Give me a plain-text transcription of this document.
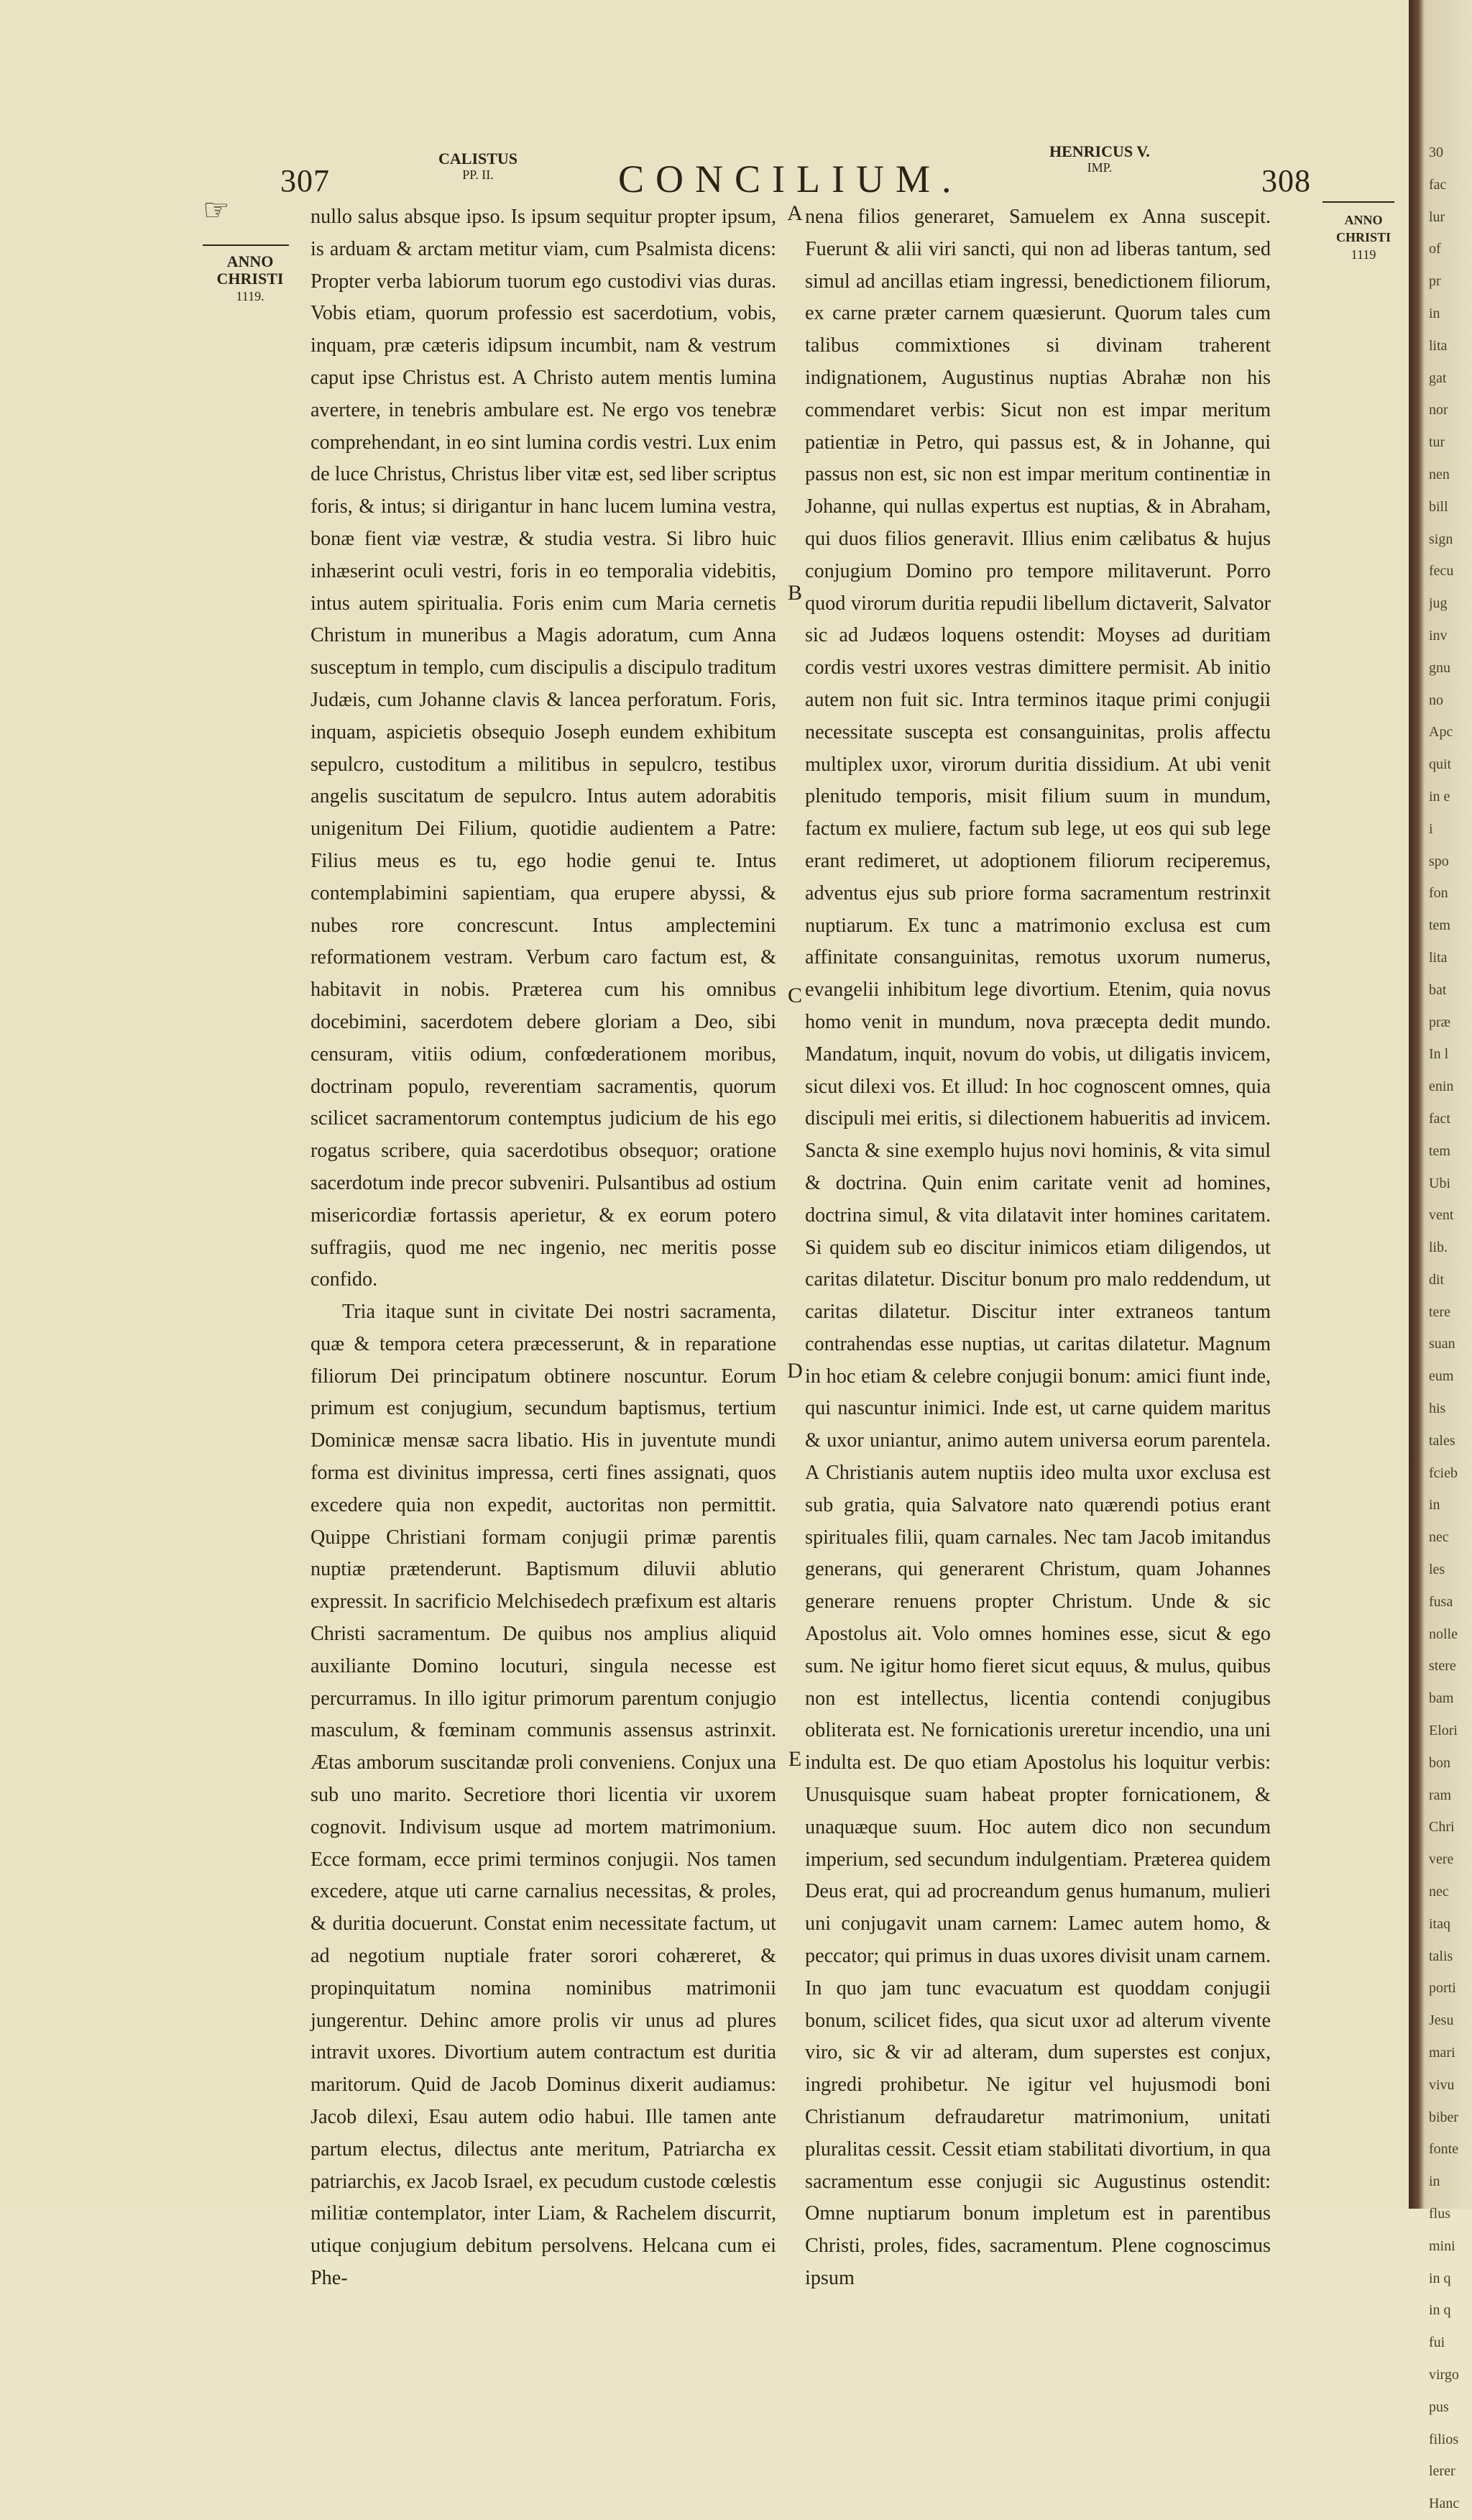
307
CALISTUS
PP. II.	CONCILIUM.
HENRICUS V.
IMP.	308
☞
ANNO CHRISTI
1119.
ANNO CHRISTI
1119
A
B
C
D
E

nullo salus absque ipso. Is ipsum sequitur propter ipsum, is arduam & arctam metitur viam, cum Psalmista dicens: Propter verba labiorum tuorum ego custodivi vias duras. Vobis etiam, quorum professio est sacerdotium, vobis, inquam, præ cæteris idipsum incumbit, nam & vestrum caput ipse Christus est. A Christo autem mentis lumina avertere, in tenebris ambulare est. Ne ergo vos tenebræ comprehendant, in eo sint lumina cordis vestri. Lux enim de luce Christus, Christus liber vitæ est, sed liber scriptus foris, & intus; si dirigantur in hanc lucem lumina vestra, bonæ fient viæ vestræ, & studia vestra. Si libro huic inhæserint oculi vestri, foris in eo temporalia videbitis, intus autem spiritualia. Foris enim cum Maria cernetis Christum in muneribus a Magis adoratum, cum Anna susceptum in templo, cum discipulis a discipulo traditum Judæis, cum Johanne clavis & lancea perforatum. Foris, inquam, aspicietis obsequio Joseph eundem exhibitum sepulcro, custoditum a militibus in sepulcro, testibus angelis suscitatum de sepulcro. Intus autem adorabitis unigenitum Dei Filium, quotidie audientem a Patre: Filius meus es tu, ego hodie genui te. Intus contemplabimini sapientiam, qua erupere abyssi, & nubes rore concrescunt. Intus amplectemini reformationem vestram. Verbum caro factum est, & habitavit in nobis. Præterea cum his omnibus docebimini, sacerdotem debere gloriam a Deo, sibi censuram, vitiis odium, confœderationem moribus, doctrinam populo, reverentiam sacramentis, quorum scilicet sacramentorum contemptus judicium de his ego rogatus scribere, quia sacerdotibus obsequor; oratione sacerdotum inde precor subveniri. Pulsantibus ad ostium misericordiæ fortassis aperietur, & ex eorum potero suffragiis, quod me nec ingenio, nec meritis posse confido.

Tria itaque sunt in civitate Dei nostri sacramenta, quæ & tempora cetera præcesserunt, & in reparatione filiorum Dei principatum obtinere noscuntur. Eorum primum est conjugium, secundum baptismus, tertium Dominicæ mensæ sacra libatio. His in juventute mundi forma est divinitus impressa, certi fines assignati, quos excedere quia non expedit, auctoritas non permittit. Quippe Christiani formam conjugii primæ parentis nuptiæ prætenderunt. Baptismum diluvii ablutio expressit. In sacrificio Melchisedech præfixum est altaris Christi sacramentum. De quibus nos amplius aliquid auxiliante Domino locuturi, singula necesse est percurramus. In illo igitur primorum parentum conjugio masculum, & fœminam communis assensus astrinxit. Ætas amborum suscitandæ proli conveniens. Conjux una sub uno marito. Secretiore thori licentia vir uxorem cognovit. Indivisum usque ad mortem matrimonium. Ecce formam, ecce primi terminos conjugii. Nos tamen excedere, atque uti carne carnalius necessitas, & proles, & duritia docuerunt. Constat enim necessitate factum, ut ad negotium nuptiale frater sorori cohæreret, & propinquitatum nomina nominibus matrimonii jungerentur. Dehinc amore prolis vir unus ad plures intravit uxores. Divortium autem contractum est duritia maritorum. Quid de Jacob Dominus dixerit audiamus: Jacob dilexi, Esau autem odio habui. Ille tamen ante partum electus, dilectus ante meritum, Patriarcha ex patriarchis, ex Jacob Israel, ex pecudum custode cœlestis militiæ contemplator, inter Liam, & Rachelem discurrit, utique conjugium debitum persolvens. Helcana cum ei Phe-

nena filios generaret, Samuelem ex Anna suscepit. Fuerunt & alii viri sancti, qui non ad liberas tantum, sed simul ad ancillas etiam ingressi, benedictionem filiorum, ex carne præter carnem quæsierunt. Quorum tales cum talibus commixtiones si divinam traherent indignationem, Augustinus nuptias Abrahæ non his commendaret verbis: Sicut non est impar meritum patientiæ in Petro, qui passus est, & in Johanne, qui passus non est, sic non est impar meritum continentiæ in Johanne, qui nullas expertus est nuptias, & in Abraham, qui duos filios generavit. Illius enim cælibatus & hujus conjugium Domino pro tempore militaverunt. Porro quod virorum duritia repudii libellum dictaverit, Salvator sic ad Judæos loquens ostendit: Moyses ad duritiam cordis vestri uxores vestras dimittere permisit. Ab initio autem non fuit sic. Intra terminos itaque primi conjugii necessitate suscepta est consanguinitas, prolis affectu multiplex uxor, virorum duritia dissidium. At ubi venit plenitudo temporis, misit filium suum in mundum, factum ex muliere, factum sub lege, ut eos qui sub lege erant redimeret, ut adoptionem filiorum reciperemus, adventus ejus sub priore forma sacramentum restrinxit nuptiarum. Ex tunc a matrimonio exclusa est cum affinitate consanguinitas, remotus uxorum numerus, evangelii inhibitum lege divortium. Etenim, quia novus homo venit in mundum, nova præcepta dedit mundo. Mandatum, inquit, novum do vobis, ut diligatis invicem, sicut dilexi vos. Et illud: In hoc cognoscent omnes, quia discipuli mei eritis, si dilectionem habueritis ad invicem. Sancta & sine exemplo hujus novi hominis, & vita simul & doctrina. Quin enim caritate venit ad homines, doctrina simul, & vita dilatavit inter homines caritatem. Si quidem sub eo discitur inimicos etiam diligendos, ut caritas dilatetur. Discitur bonum pro malo reddendum, ut caritas dilatetur. Discitur inter extraneos tantum contrahendas esse nuptias, ut caritas dilatetur. Magnum in hoc etiam & celebre conjugii bonum: amici fiunt inde, qui nascuntur inimici. Inde est, ut carne quidem maritus & uxor uniantur, animo autem universa eorum parentela. A Christianis autem nuptiis ideo multa uxor exclusa est sub gratia, quia Salvatore nato quærendi potius erant spirituales filii, quam carnales. Nec tam Jacob imitandus generans, qui generarent Christum, quam Johannes generare renuens propter Christum. Unde & sic Apostolus ait. Volo omnes homines esse, sicut & ego sum. Ne igitur homo fieret sicut equus, & mulus, quibus non est intellectus, licentia contendi conjugibus obliterata est. Ne fornicationis ureretur incendio, una uni indulta est. De quo etiam Apostolus his loquitur verbis: Unusquisque suam habeat propter fornicationem, & unaquæque suum. Hoc autem dico non secundum imperium, sed secundum indulgentiam. Præterea quidem Deus erat, qui ad procreandum genus humanum, mulieri uni conjugavit unam carnem: Lamec autem homo, & peccator; qui primus in duas uxores divisit unam carnem. In quo jam tunc evacuatum est quoddam conjugii bonum, scilicet fides, qua sicut uxor ad alterum vivente viro, sic & vir ad alteram, dum superstes est conjux, ingredi prohibetur. Ne igitur vel hujusmodi boni Christianum defraudaretur matrimonium, unitati pluralitas cessit. Cessit etiam stabilitati divortium, in qua sacramentum esse conjugii sic Augustinus ostendit: Omne nuptiarum bonum impletum est in parentibus Christi, proles, fides, sacramentum. Plene cognoscimus ipsum

30
fac
lur
of
pr
in
lita
gat
nor
tur
nen
bill
sign
fecu
jug
inv
gnu
no
Apc
quit
in e
i
spo
fon
tem
lita
bat
præ
In l
enin
fact
tem
Ubi
vent
lib.
dit
tere
suan
eum
his
tales
fcieb
in
nec
les
fusa
nolle
stere
bam
Elori
bon
ram
Chri
vere
nec
itaq
talis
porti
Jesu
mari
vivu
biber
fonte
in
flus
mini
in q
in q
fui
virgo
pus
filios
lerer
Hanc
